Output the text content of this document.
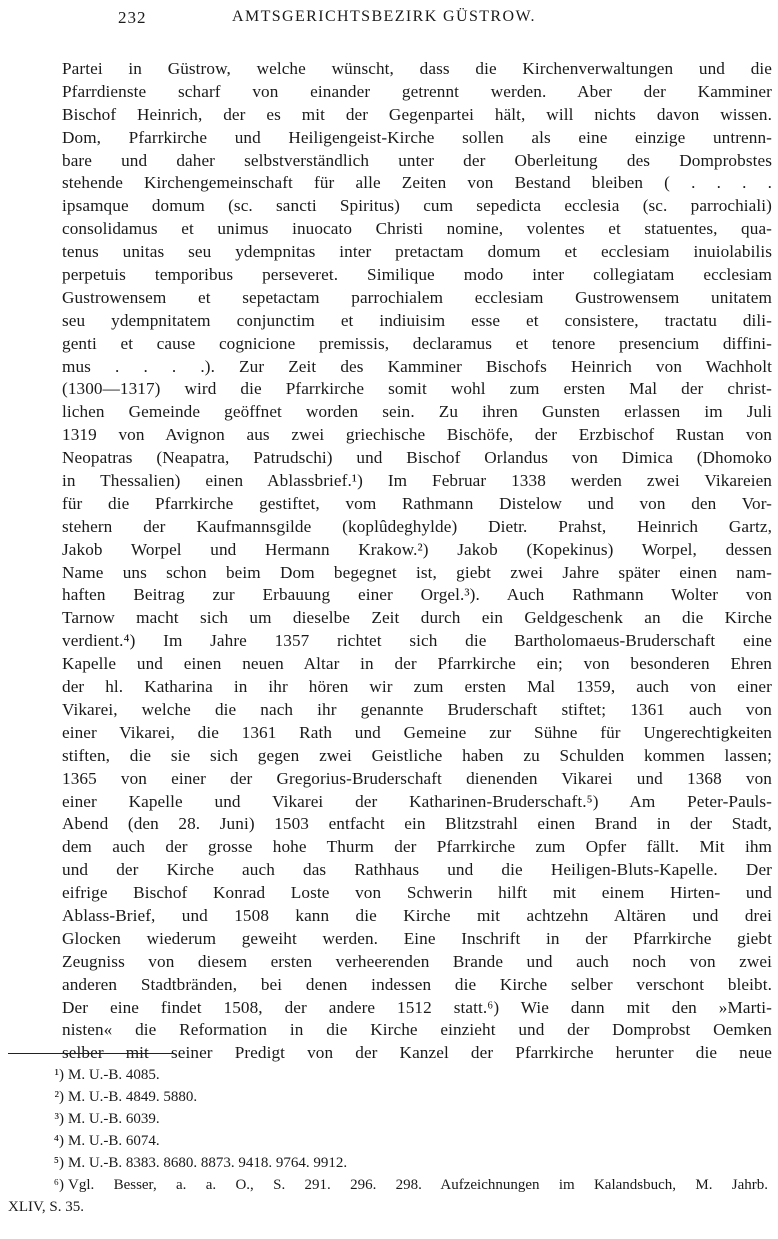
232	AMTSGERICHTSBEZIRK GÜSTROW.
Partei in Güstrow, welche wünscht, dass die Kirchenverwaltungen und die
Pfarrdienste scharf von einander getrennt werden. Aber der Kamminer
Bischof Heinrich, der es mit der Gegenpartei hält, will nichts davon wissen.
Dom, Pfarrkirche und Heiligengeist-Kirche sollen als eine einzige untrenn-
bare und daher selbstverständlich unter der Oberleitung des Domprobstes
stehende Kirchengemeinschaft für alle Zeiten von Bestand bleiben ( . . . .
ipsamque domum (sc. sancti Spiritus) cum sepedicta ecclesia (sc. parrochiali)
consolidamus et unimus inuocato Christi nomine, volentes et statuentes, qua-
tenus unitas seu ydempnitas inter pretactam domum et ecclesiam inuiolabilis
perpetuis temporibus perseveret. Similique modo inter collegiatam ecclesiam
Gustrowensem et sepetactam parrochialem ecclesiam Gustrowensem unitatem
seu ydempnitatem conjunctim et indiuisim esse et consistere, tractatu dili-
genti et cause cognicione premissis, declaramus et tenore presencium diffini-
mus . . . .). Zur Zeit des Kamminer Bischofs Heinrich von Wachholt
(1300—1317) wird die Pfarrkirche somit wohl zum ersten Mal der christ-
lichen Gemeinde geöffnet worden sein. Zu ihren Gunsten erlassen im Juli
1319 von Avignon aus zwei griechische Bischöfe, der Erzbischof Rustan von
Neopatras (Neapatra, Patrudschi) und Bischof Orlandus von Dimica (Dhomoko
in Thessalien) einen Ablassbrief.¹) Im Februar 1338 werden zwei Vikareien
für die Pfarrkirche gestiftet, vom Rathmann Distelow und von den Vor-
stehern der Kaufmannsgilde (koplûdeghylde) Dietr. Prahst, Heinrich Gartz,
Jakob Worpel und Hermann Krakow.²) Jakob (Kopekinus) Worpel, dessen
Name uns schon beim Dom begegnet ist, giebt zwei Jahre später einen nam-
haften Beitrag zur Erbauung einer Orgel.³). Auch Rathmann Wolter von
Tarnow macht sich um dieselbe Zeit durch ein Geldgeschenk an die Kirche
verdient.⁴) Im Jahre 1357 richtet sich die Bartholomaeus-Bruderschaft eine
Kapelle und einen neuen Altar in der Pfarrkirche ein; von besonderen Ehren
der hl. Katharina in ihr hören wir zum ersten Mal 1359, auch von einer
Vikarei, welche die nach ihr genannte Bruderschaft stiftet; 1361 auch von
einer Vikarei, die 1361 Rath und Gemeine zur Sühne für Ungerechtigkeiten
stiften, die sie sich gegen zwei Geistliche haben zu Schulden kommen lassen;
1365 von einer der Gregorius-Bruderschaft dienenden Vikarei und 1368 von
einer Kapelle und Vikarei der Katharinen-Bruderschaft.⁵) Am Peter-Pauls-
Abend (den 28. Juni) 1503 entfacht ein Blitzstrahl einen Brand in der Stadt,
dem auch der grosse hohe Thurm der Pfarrkirche zum Opfer fällt. Mit ihm
und der Kirche auch das Rathhaus und die Heiligen-Bluts-Kapelle. Der
eifrige Bischof Konrad Loste von Schwerin hilft mit einem Hirten- und
Ablass-Brief, und 1508 kann die Kirche mit achtzehn Altären und drei
Glocken wiederum geweiht werden. Eine Inschrift in der Pfarrkirche giebt
Zeugniss von diesem ersten verheerenden Brande und auch noch von zwei
anderen Stadtbränden, bei denen indessen die Kirche selber verschont bleibt.
Der eine findet 1508, der andere 1512 statt.⁶) Wie dann mit den »Marti-
nisten« die Reformation in die Kirche einzieht und der Domprobst Oemken
selber mit seiner Predigt von der Kanzel der Pfarrkirche herunter die neue
¹) M. U.-B. 4085.
²) M. U.-B. 4849. 5880.
³) M. U.-B. 6039.
⁴) M. U.-B. 6074.
⁵) M. U.-B. 8383. 8680. 8873. 9418. 9764. 9912.
⁶) Vgl. Besser, a. a. O., S. 291. 296. 298. Aufzeichnungen im Kalandsbuch, M. Jahrb.
XLIV, S. 35.
